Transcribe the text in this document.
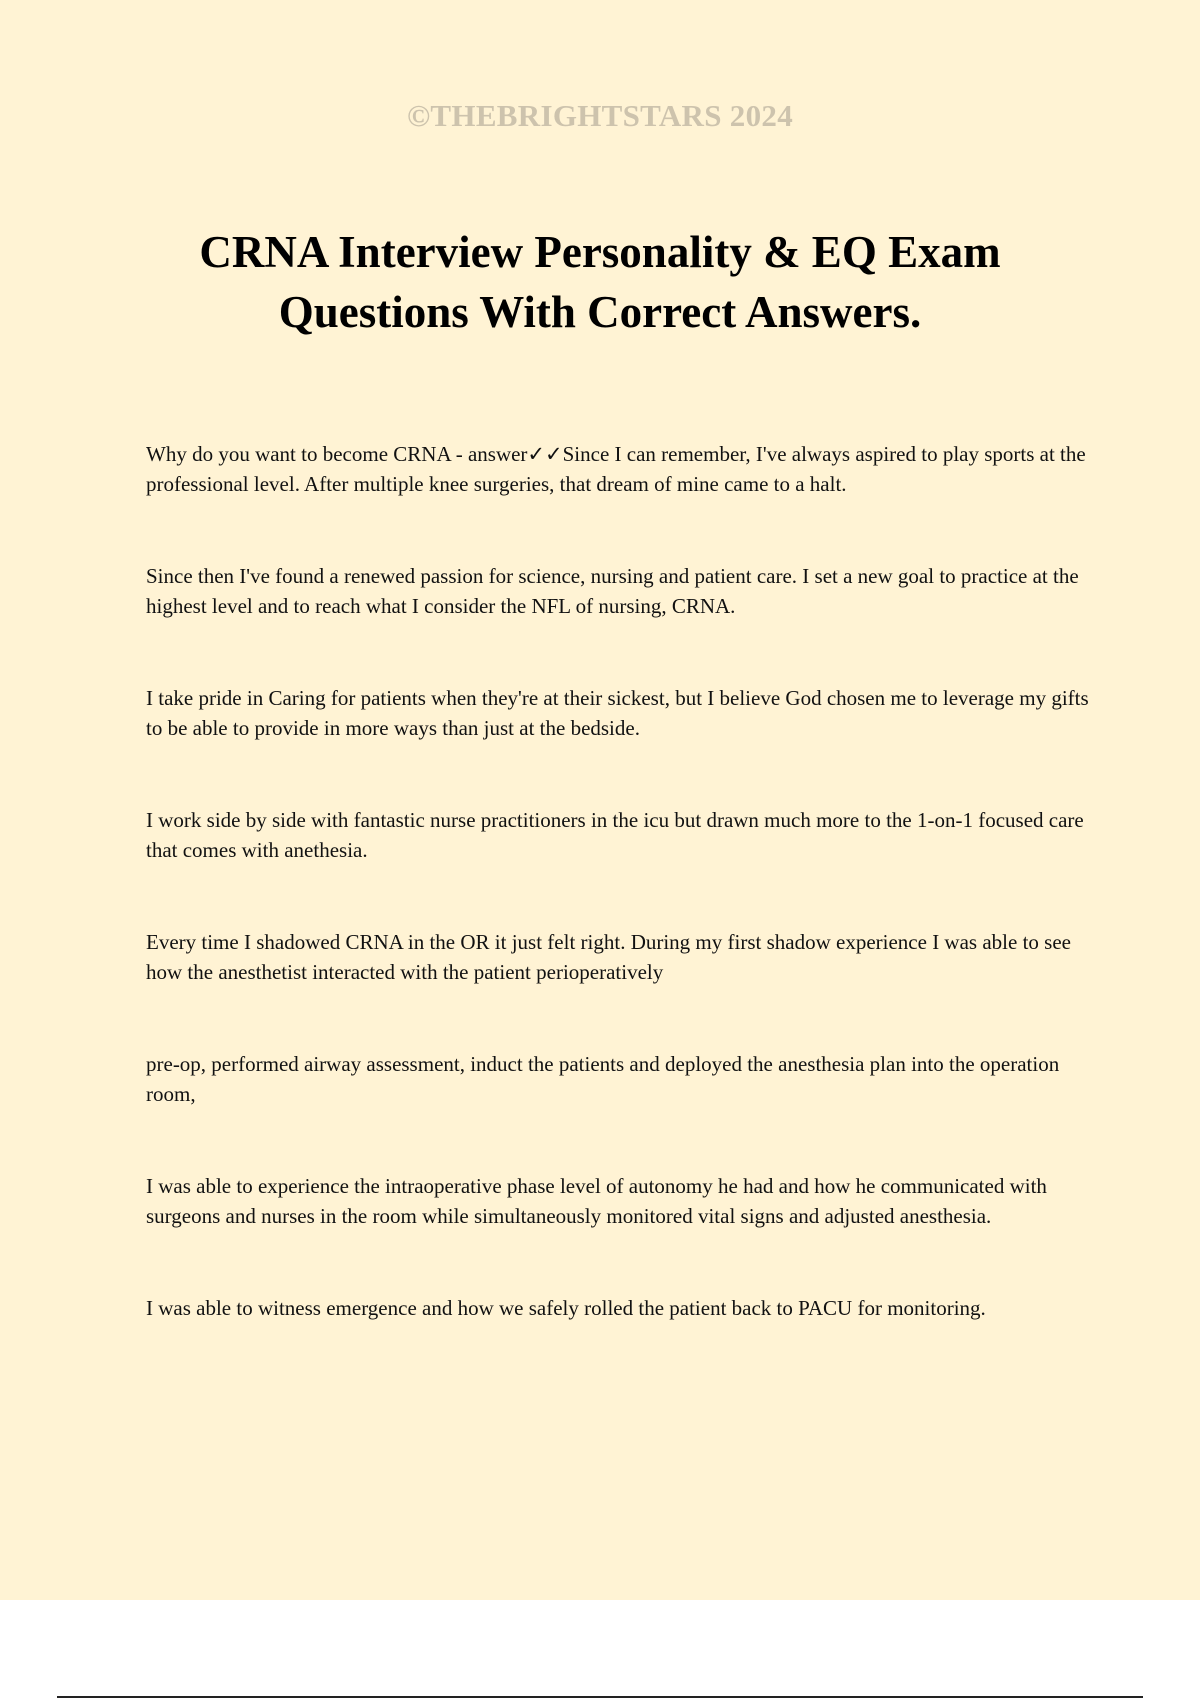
©THEBRIGHTSTARS 2024
CRNA Interview Personality & EQ Exam Questions With Correct Answers.

Why do you want to become CRNA - answer✓✓Since I can remember, I've always aspired to play sports at the professional level. After multiple knee surgeries, that dream of mine came to a halt.

Since then I've found a renewed passion for science, nursing and patient care. I set a new goal to practice at the highest level and to reach what I consider the NFL of nursing, CRNA.

I take pride in Caring for patients when they're at their sickest, but I believe God chosen me to leverage my gifts to be able to provide in more ways than just at the bedside.

I work side by side with fantastic nurse practitioners in the icu but drawn much more to the 1-on-1 focused care that comes with anethesia.

Every time I shadowed CRNA in the OR it just felt right. During my first shadow experience I was able to see how the anesthetist interacted with the patient perioperatively

pre-op, performed airway assessment, induct the patients and deployed the anesthesia plan into the operation room,

I was able to experience the intraoperative phase level of autonomy he had and how he communicated with surgeons and nurses in the room while simultaneously monitored vital signs and adjusted anesthesia.

I was able to witness emergence and how we safely rolled the patient back to PACU for monitoring.
